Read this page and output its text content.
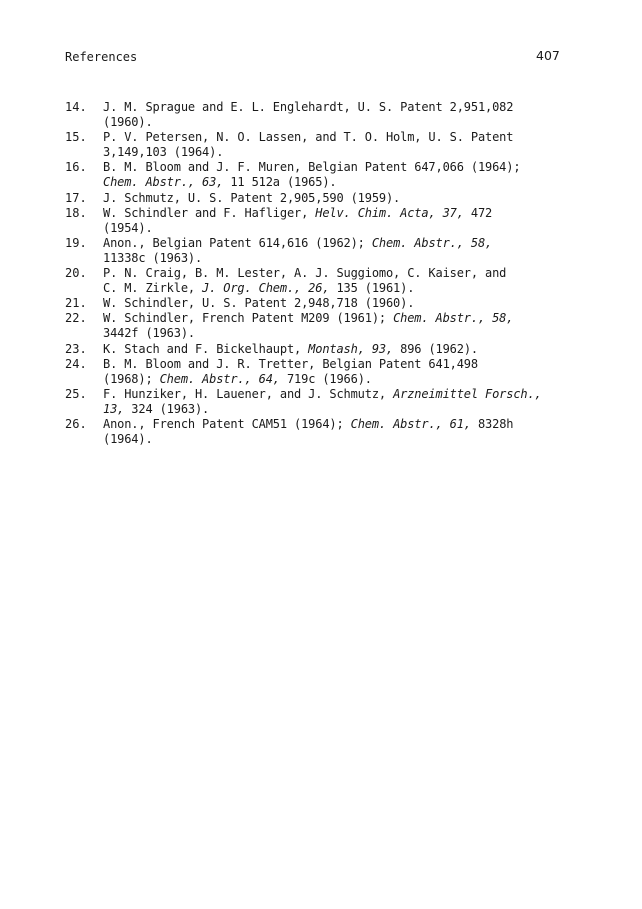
References	407
14.	J. M. Sprague and E. L. Englehardt, U. S. Patent 2,951,082
(1960).
15.	P. V. Petersen, N. O. Lassen, and T. O. Holm, U. S. Patent
3,149,103 (1964).
16.	B. M. Bloom and J. F. Muren, Belgian Patent 647,066 (1964);
Chem. Abstr., 63, 11 512a (1965).
17.	J. Schmutz, U. S. Patent 2,905,590 (1959).
18.	W. Schindler and F. Hafliger, Helv. Chim. Acta, 37, 472
(1954).
19.	Anon., Belgian Patent 614,616 (1962); Chem. Abstr., 58,
11338c (1963).
20.	P. N. Craig, B. M. Lester, A. J. Suggiomo, C. Kaiser, and
C. M. Zirkle, J. Org. Chem., 26, 135 (1961).
21.	W. Schindler, U. S. Patent 2,948,718 (1960).
22.	W. Schindler, French Patent M209 (1961); Chem. Abstr., 58,
3442f (1963).
23.	K. Stach and F. Bickelhaupt, Montash, 93, 896 (1962).
24.	B. M. Bloom and J. R. Tretter, Belgian Patent 641,498
(1968); Chem. Abstr., 64, 719c (1966).
25.	F. Hunziker, H. Lauener, and J. Schmutz, Arzneimittel Forsch.,
13, 324 (1963).
26.	Anon., French Patent CAM51 (1964); Chem. Abstr., 61, 8328h
(1964).
